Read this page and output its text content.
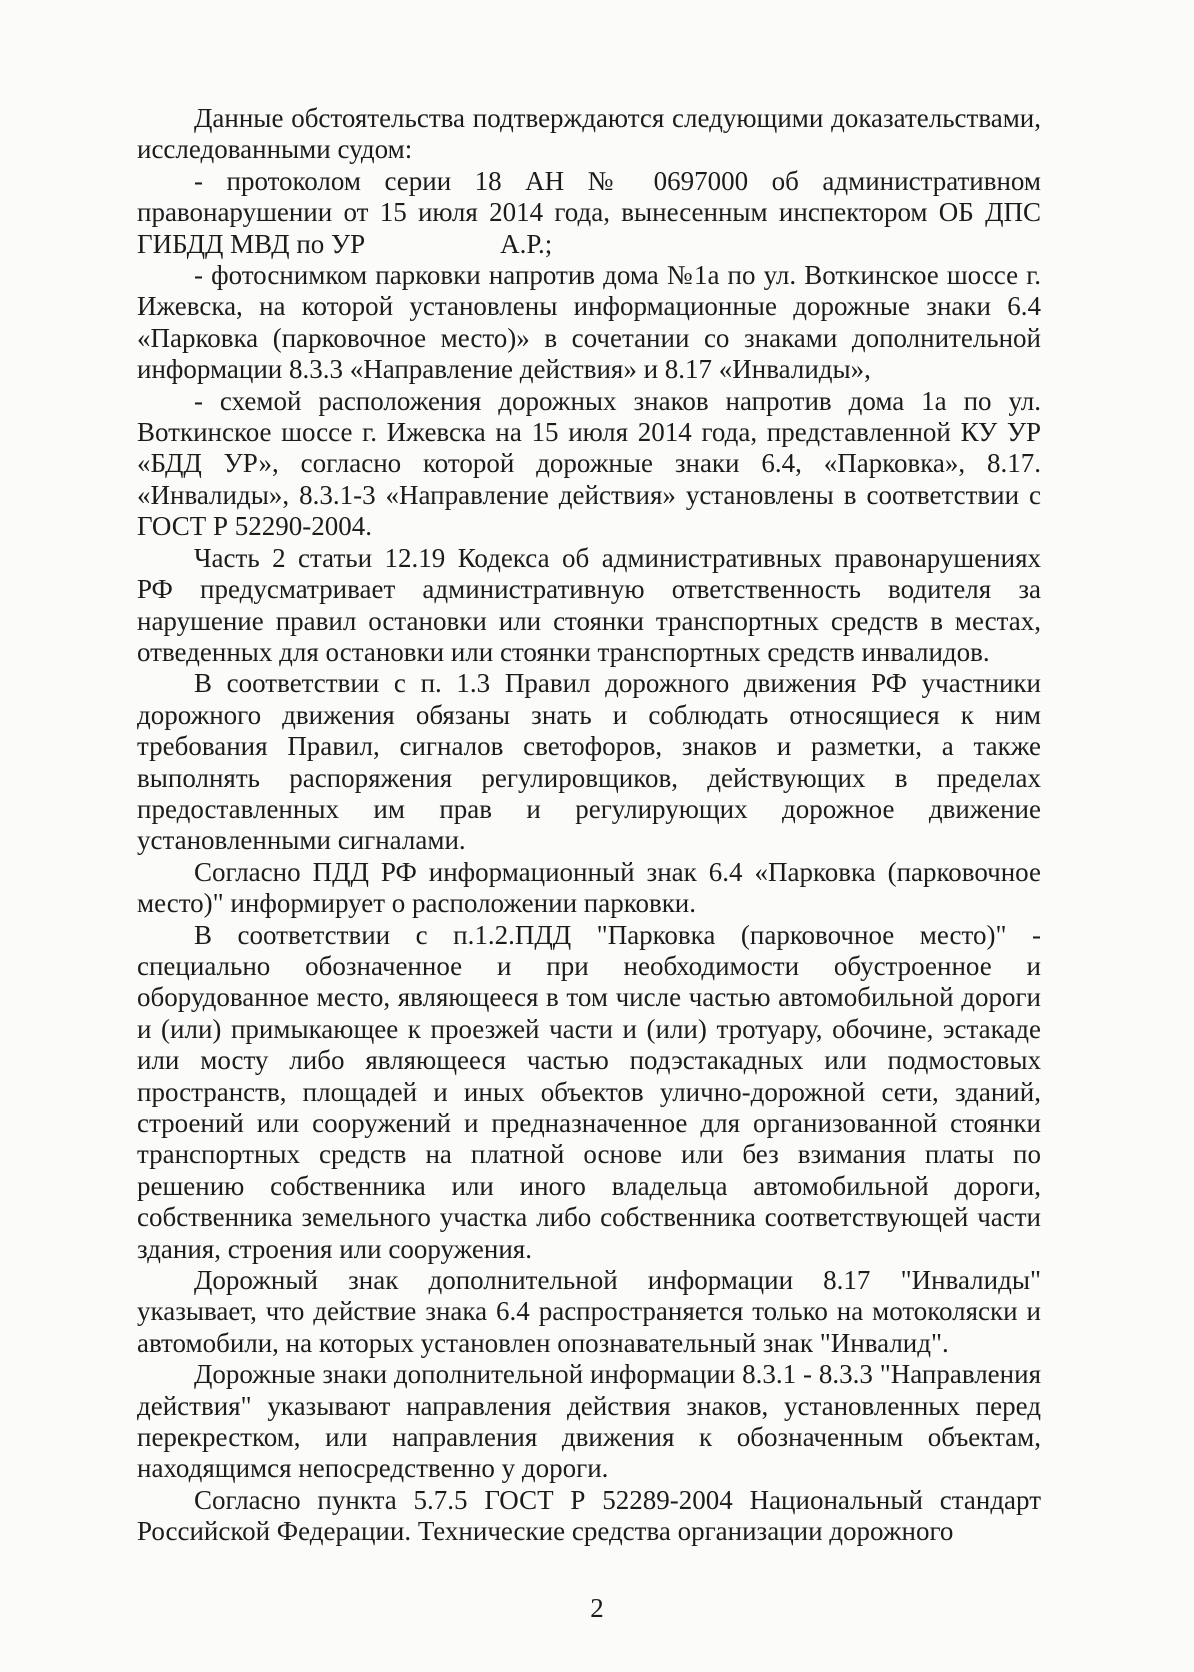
Данные обстоятельства подтверждаются следующими доказательствами, исследованными судом:

- протоколом серии 18 АН № 0697000 об административном правонарушении от 15 июля 2014 года, вынесенным инспектором ОБ ДПС ГИБДД МВД по УР                    А.Р.;

- фотоснимком парковки напротив дома №1а по ул. Воткинское шоссе г. Ижевска, на которой установлены информационные дорожные знаки 6.4 «Парковка (парковочное место)» в сочетании со знаками дополнительной информации 8.3.3 «Направление действия» и 8.17 «Инвалиды»,

- схемой расположения дорожных знаков напротив дома 1а по ул. Воткинское шоссе г. Ижевска на 15 июля 2014 года, представленной КУ УР «БДД УР», согласно которой дорожные знаки 6.4, «Парковка», 8.17. «Инвалиды», 8.3.1-3 «Направление действия» установлены в соответствии с ГОСТ Р 52290-2004.

Часть 2 статьи 12.19 Кодекса об административных правонарушениях РФ предусматривает административную ответственность водителя за нарушение правил остановки или стоянки транспортных средств в местах, отведенных для остановки или стоянки транспортных средств инвалидов.

В соответствии с п. 1.3 Правил дорожного движения РФ участники дорожного движения обязаны знать и соблюдать относящиеся к ним требования Правил, сигналов светофоров, знаков и разметки, а также выполнять распоряжения регулировщиков, действующих в пределах предоставленных им прав и регулирующих дорожное движение установленными сигналами.

Согласно ПДД РФ информационный знак 6.4 «Парковка (парковочное место)" информирует о расположении парковки.

В соответствии с п.1.2.ПДД "Парковка (парковочное место)" - специально обозначенное и при необходимости обустроенное и оборудованное место, являющееся в том числе частью автомобильной дороги и (или) примыкающее к проезжей части и (или) тротуару, обочине, эстакаде или мосту либо являющееся частью подэстакадных или подмостовых пространств, площадей и иных объектов улично-дорожной сети, зданий, строений или сооружений и предназначенное для организованной стоянки транспортных средств на платной основе или без взимания платы по решению собственника или иного владельца автомобильной дороги, собственника земельного участка либо собственника соответствующей части здания, строения или сооружения.

Дорожный знак дополнительной информации 8.17 "Инвалиды" указывает, что действие знака 6.4 распространяется только на мотоколяски и автомобили, на которых установлен опознавательный знак "Инвалид".

Дорожные знаки дополнительной информации 8.3.1 - 8.3.3 "Направления действия" указывают направления действия знаков, установленных перед перекрестком, или направления движения к обозначенным объектам, находящимся непосредственно у дороги.

Согласно пункта 5.7.5 ГОСТ Р 52289-2004 Национальный стандарт Российской Федерации. Технические средства организации дорожного

2
